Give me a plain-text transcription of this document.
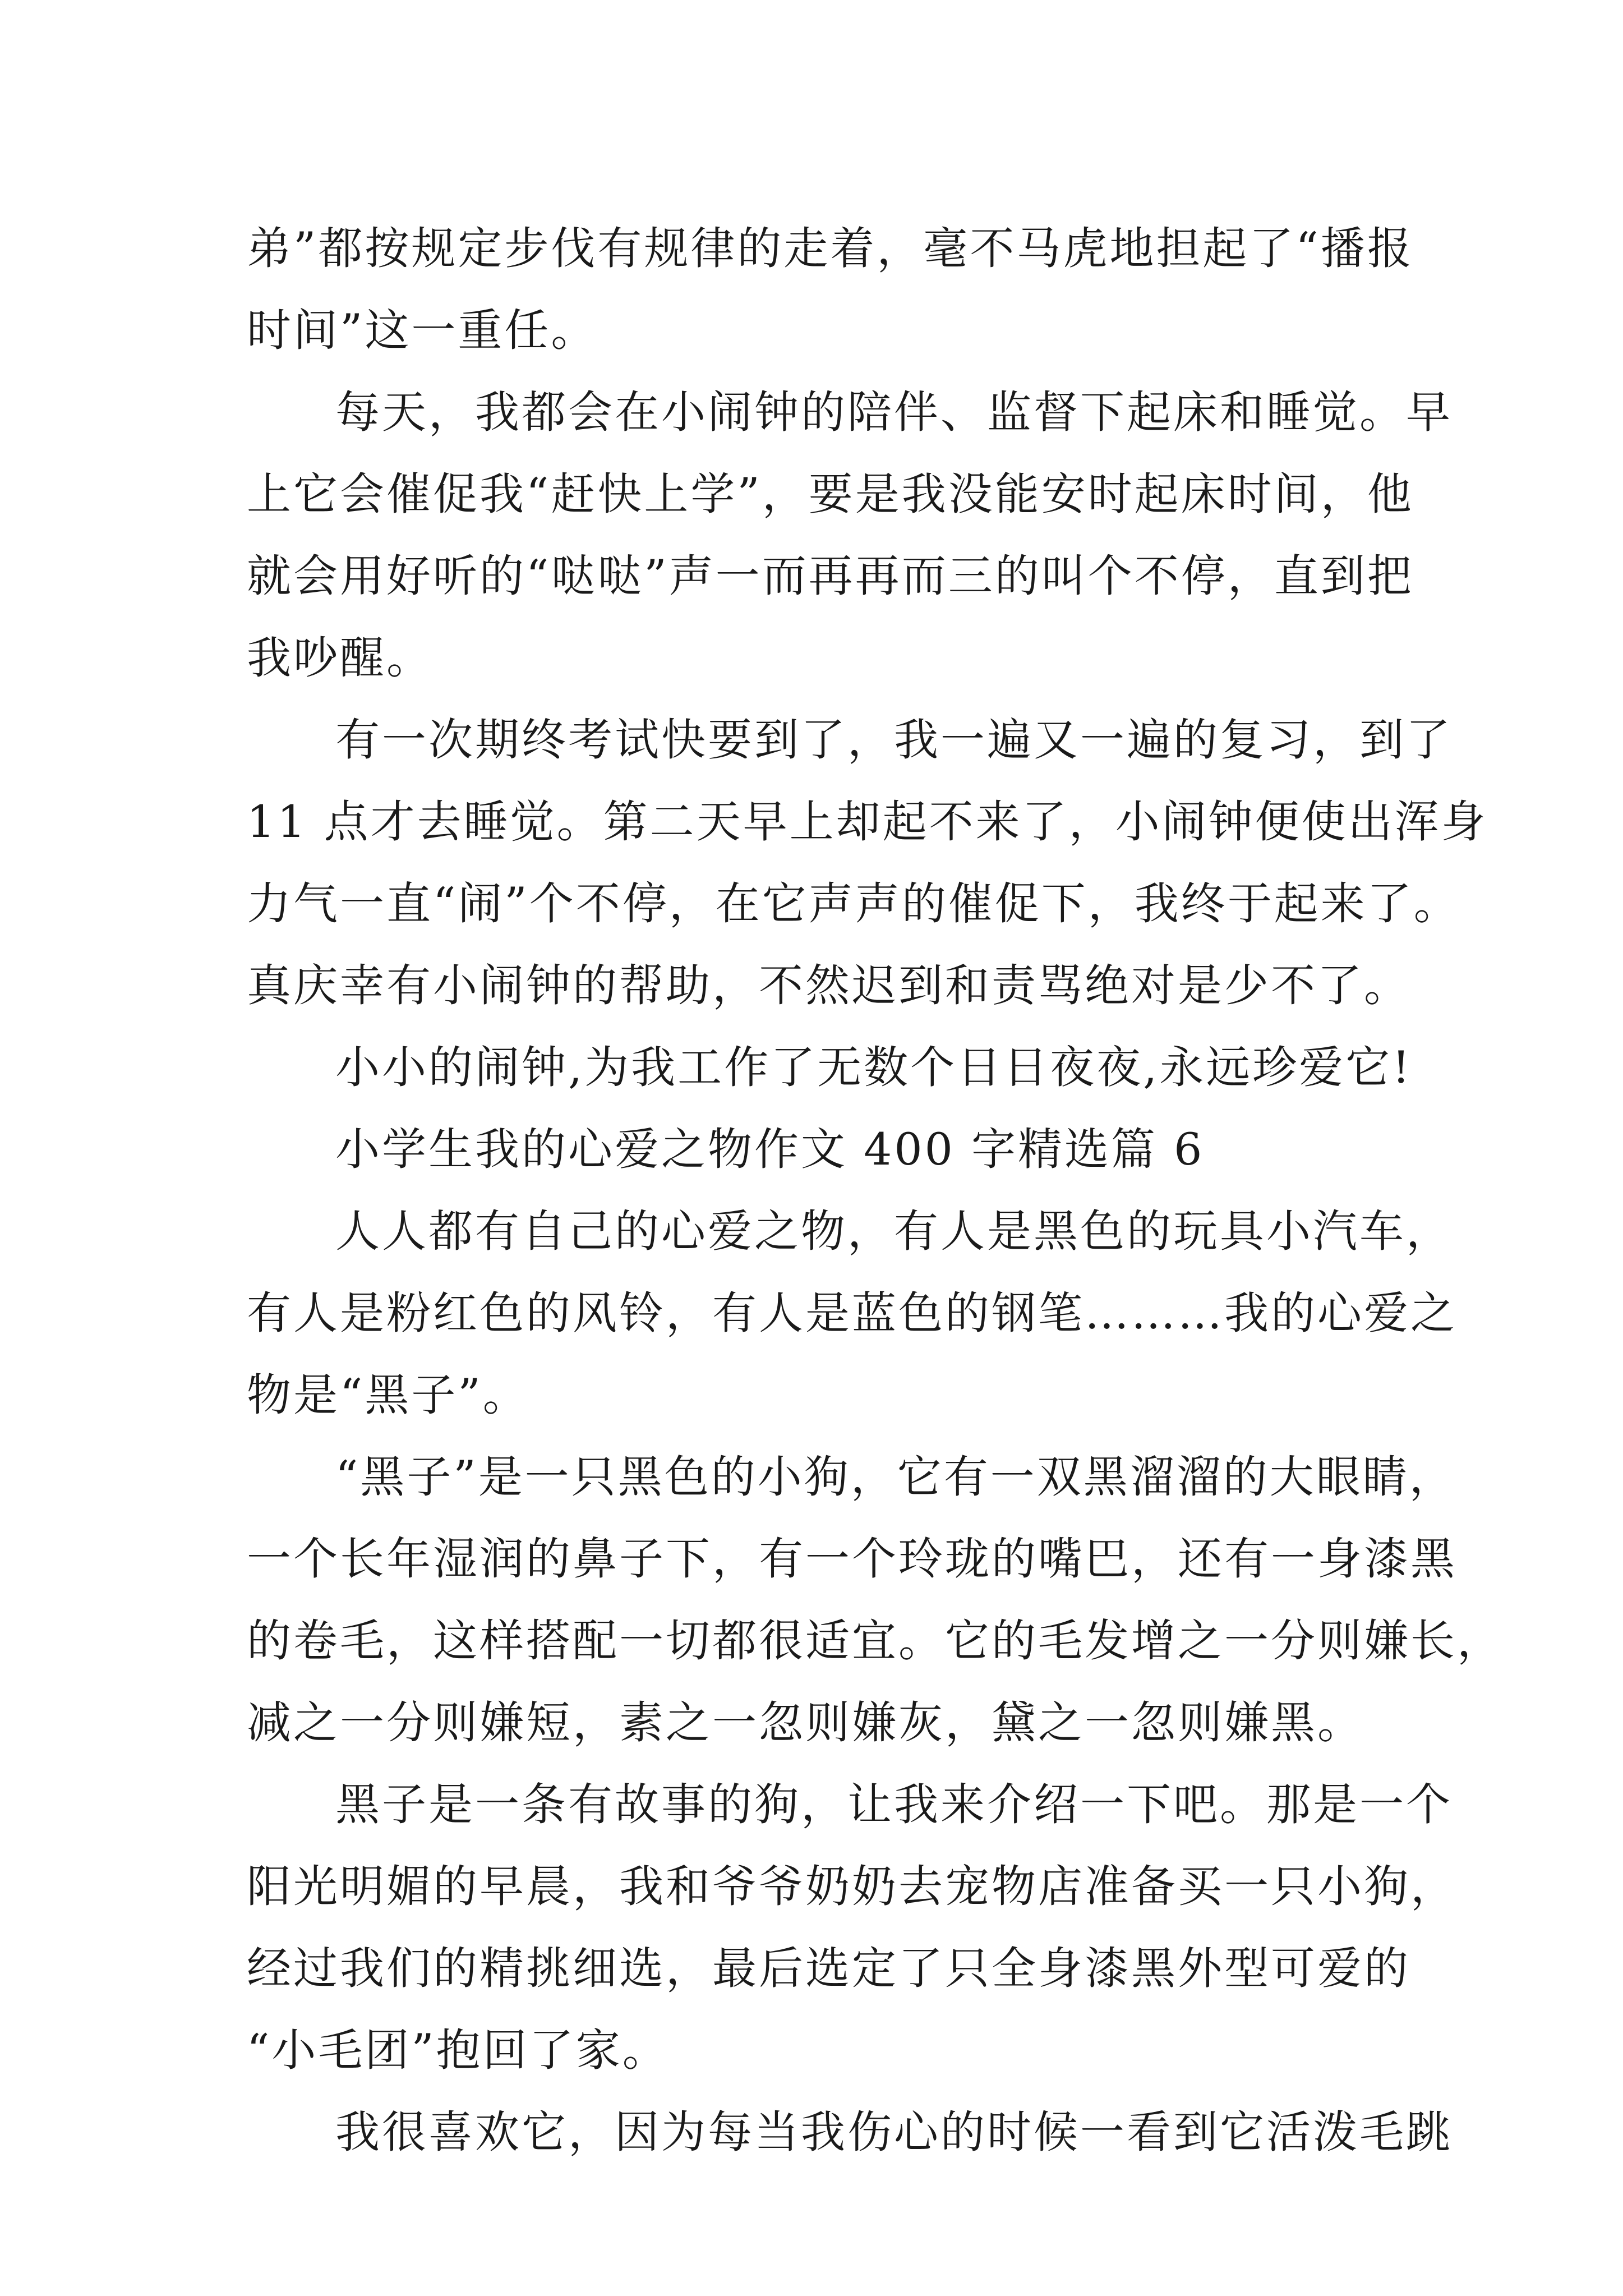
弟”都按规定步伐有规律的走着，毫不马虎地担起了“播报
时间”这一重任。
每天，我都会在小闹钟的陪伴、监督下起床和睡觉。早
上它会催促我“赶快上学”，要是我没能安时起床时间，他
就会用好听的“哒哒”声一而再再而三的叫个不停，直到把
我吵醒。
有一次期终考试快要到了，我一遍又一遍的复习，到了
11 点才去睡觉。第二天早上却起不来了，小闹钟便使出浑身
力气一直“闹”个不停，在它声声的催促下，我终于起来了。
真庆幸有小闹钟的帮助，不然迟到和责骂绝对是少不了。
小小的闹钟,为我工作了无数个日日夜夜,永远珍爱它!
小学生我的心爱之物作文 400 字精选篇 6
人人都有自己的心爱之物，有人是黑色的玩具小汽车，
有人是粉红色的风铃，有人是蓝色的钢笔………我的心爱之
物是“黑子”。
“黑子”是一只黑色的小狗，它有一双黑溜溜的大眼睛，
一个长年湿润的鼻子下，有一个玲珑的嘴巴，还有一身漆黑
的卷毛，这样搭配一切都很适宜。它的毛发增之一分则嫌长，
减之一分则嫌短，素之一忽则嫌灰，黛之一忽则嫌黑。
黑子是一条有故事的狗，让我来介绍一下吧。那是一个
阳光明媚的早晨，我和爷爷奶奶去宠物店准备买一只小狗，
经过我们的精挑细选，最后选定了只全身漆黑外型可爱的
“小毛团”抱回了家。
我很喜欢它，因为每当我伤心的时候一看到它活泼毛跳
